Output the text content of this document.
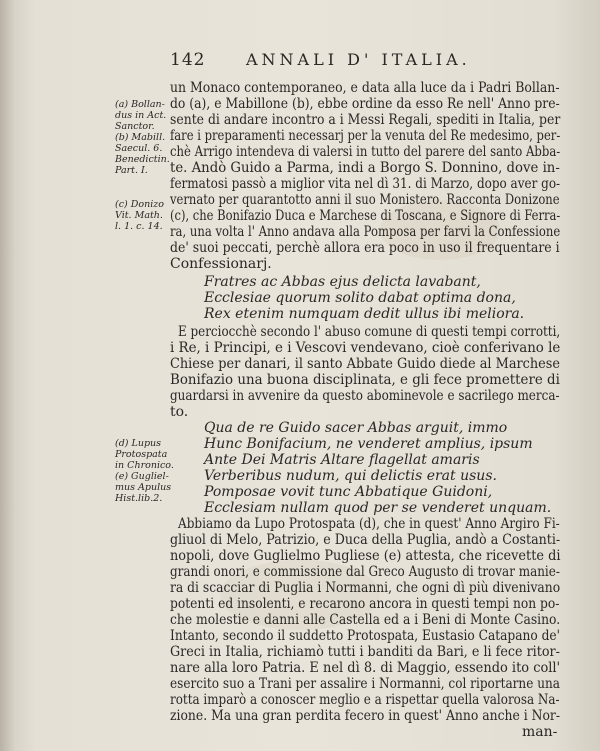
142	ANNALI D' ITALIA.
(a) Bollan-
dus in Act.
Sanctor.
(b) Mabill.
Saecul. 6.
Benedictin.
Part. I.
(c) Donizo
Vit. Math.
l. 1. c. 14.
(d) Lupus
Protospata
in Chronico.
(e) Gugliel-
mus Apulus
Hist.lib.2.
un Monaco contemporaneo, e data alla luce da i Padri Bollan-
do (a), e Mabillone (b), ebbe ordine da esso Re nell' Anno pre-
sente di andare incontro a i Messi Regali, spediti in Italia, per
fare i preparamenti necessarj per la venuta del Re medesimo, per-
chè Arrigo intendeva di valersi in tutto del parere del santo Abba-
te. Andò Guido a Parma, indi a Borgo S. Donnino, dove in-
fermatosi passò a miglior vita nel dì 31. di Marzo, dopo aver go-
vernato per quarantotto anni il suo Monistero. Racconta Donizone
(c), che Bonifazio Duca e Marchese di Toscana, e Signore di Ferra-
ra, una volta l' Anno andava alla Pomposa per farvi la Confessione
de' suoi peccati, perchè allora era poco in uso il frequentare i
Confessionarj.
Fratres ac Abbas ejus delicta lavabant,
Ecclesiae quorum solito dabat optima dona,
Rex etenim numquam dedit ullus ibi meliora.
E perciocchè secondo l' abuso comune di questi tempi corrotti,
i Re, i Principi, e i Vescovi vendevano, cioè conferivano le
Chiese per danari, il santo Abbate Guido diede al Marchese
Bonifazio una buona disciplinata, e gli fece promettere di
guardarsi in avvenire da questo abominevole e sacrilego merca-
to.
Qua de re Guido sacer Abbas arguit, immo
Hunc Bonifacium, ne venderet amplius, ipsum
Ante Dei Matris Altare flagellat amaris
Verberibus nudum, qui delictis erat usus.
Pomposae vovit tunc Abbatique Guidoni,
Ecclesiam nullam quod per se venderet unquam.
Abbiamo da Lupo Protospata (d), che in quest' Anno Argiro Fi-
gliuol di Melo, Patrizio, e Duca della Puglia, andò a Costanti-
nopoli, dove Guglielmo Pugliese (e) attesta, che ricevette di
grandi onori, e commissione dal Greco Augusto di trovar manie-
ra di scacciar di Puglia i Normanni, che ogni dì più divenivano
potenti ed insolenti, e recarono ancora in questi tempi non po-
che molestie e danni alle Castella ed a i Beni di Monte Casino.
Intanto, secondo il suddetto Protospata, Eustasio Catapano de'
Greci in Italia, richiamò tutti i banditi da Bari, e li fece ritor-
nare alla loro Patria. E nel dì 8. di Maggio, essendo ito coll'
esercito suo a Trani per assalire i Normanni, col riportarne una
rotta imparò a conoscer meglio e a rispettar quella valorosa Na-
zione. Ma una gran perdita fecero in quest' Anno anche i Nor-
man-
